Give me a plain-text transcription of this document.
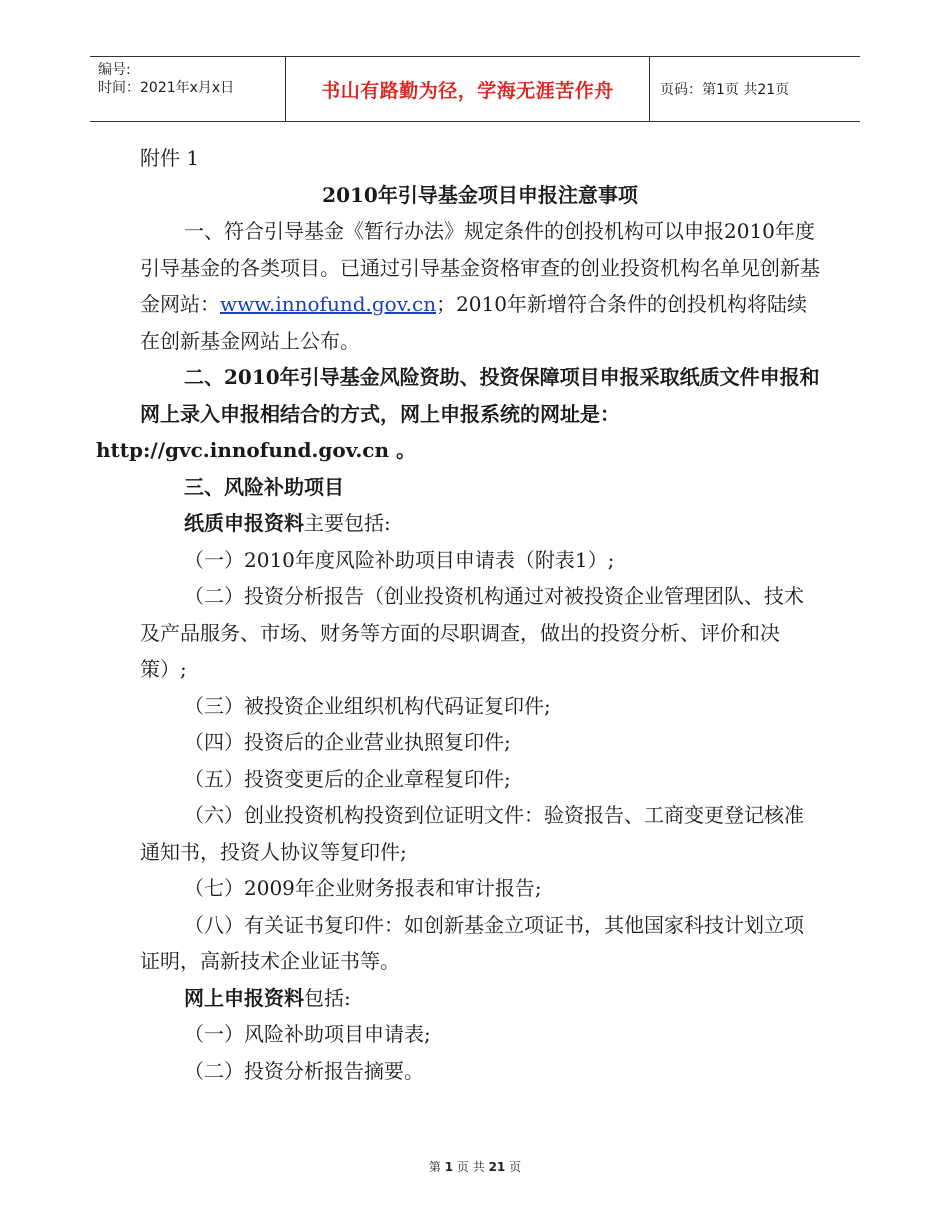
编号:
时间：2021年x月x日	书山有路勤为径，学海无涯苦作舟	页码：第1页 共21页

附件 1

2010年引导基金项目申报注意事项

一、符合引导基金《暂行办法》规定条件的创投机构可以申报2010年度引导基金的各类项目。已通过引导基金资格审查的创业投资机构名单见创新基金网站：www.innofund.gov.cn；2010年新增符合条件的创投机构将陆续在创新基金网站上公布。

二、2010年引导基金风险资助、投资保障项目申报采取纸质文件申报和网上录入申报相结合的方式，网上申报系统的网址是：
http://gvc.innofund.gov.cn 。

三、风险补助项目

纸质申报资料主要包括:

（一）2010年度风险补助项目申请表（附表1）;

（二）投资分析报告（创业投资机构通过对被投资企业管理团队、技术及产品服务、市场、财务等方面的尽职调查，做出的投资分析、评价和决策）;

（三）被投资企业组织机构代码证复印件;

（四）投资后的企业营业执照复印件;

（五）投资变更后的企业章程复印件;

（六）创业投资机构投资到位证明文件：验资报告、工商变更登记核准通知书，投资人协议等复印件;

（七）2009年企业财务报表和审计报告;

（八）有关证书复印件：如创新基金立项证书，其他国家科技计划立项证明，高新技术企业证书等。

网上申报资料包括:

（一）风险补助项目申请表;

（二）投资分析报告摘要。

第 1 页 共 21 页
